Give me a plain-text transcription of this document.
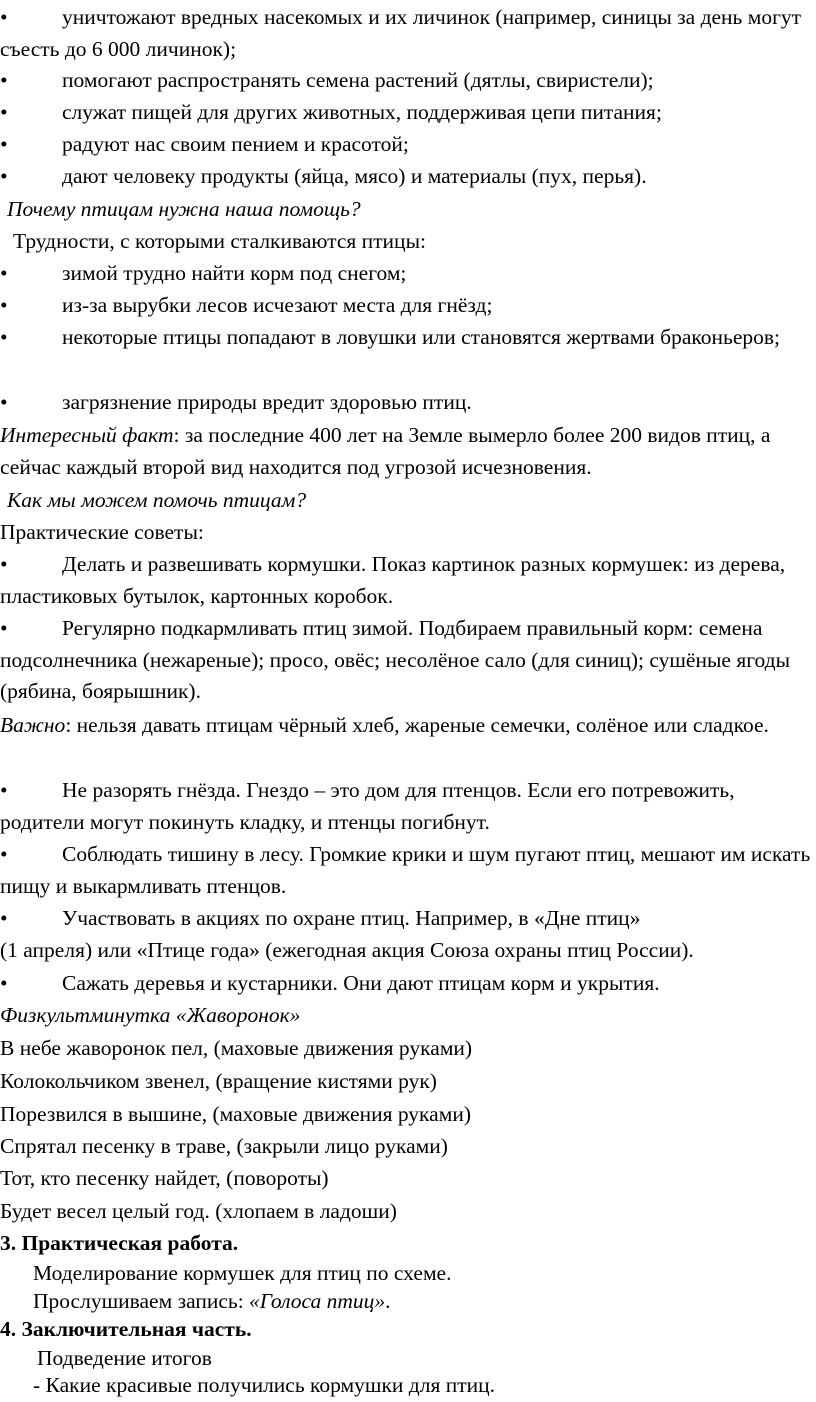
•	уничтожают вредных насекомых и их личинок (например, синицы за день могут съесть до 6 000 личинок);
•	помогают распространять семена растений (дятлы, свиристели);
•	служат пищей для других животных, поддерживая цепи питания;
•	радуют нас своим пением и красотой;
•	дают человеку продукты (яйца, мясо) и материалы (пух, перья).
Почему птицам нужна наша помощь?
Трудности, с которыми сталкиваются птицы:
•	зимой трудно найти корм под снегом;
•	из-за вырубки лесов исчезают места для гнёзд;
•	некоторые птицы попадают в ловушки или становятся жертвами браконьеров;
•	загрязнение природы вредит здоровью птиц.
Интересный факт: за последние 400 лет на Земле вымерло более 200 видов птиц, а сейчас каждый второй вид находится под угрозой исчезновения.
Как мы можем помочь птицам?
Практические советы:
•	Делать и развешивать кормушки. Показ картинок разных кормушек: из дерева, пластиковых бутылок, картонных коробок.
•	Регулярно подкармливать птиц зимой. Подбираем правильный корм: семена подсолнечника (нежареные); просо, овёс; несолёное сало (для синиц); сушёные ягоды (рябина, боярышник).
Важно: нельзя давать птицам чёрный хлеб, жареные семечки, солёное или сладкое.
•	Не разорять гнёзда. Гнездо – это дом для птенцов. Если его потревожить, родители могут покинуть кладку, и птенцы погибнут.
•	Соблюдать тишину в лесу. Громкие крики и шум пугают птиц, мешают им искать пищу и выкармливать птенцов.
•	Участвовать в акциях по охране птиц. Например, в «Дне птиц»
(1 апреля) или «Птице года» (ежегодная акция Союза охраны птиц России).
•	Сажать деревья и кустарники. Они дают птицам корм и укрытия.
Физкультминутка «Жаворонок»
В небе жаворонок пел, (маховые движения руками)
Колокольчиком звенел, (вращение кистями рук)
Порезвился в вышине, (маховые движения руками)
Спрятал песенку в траве, (закрыли лицо руками)
Тот, кто песенку найдет, (повороты)
Будет весел целый год. (хлопаем в ладоши)
3. Практическая работа.
Моделирование кормушек для птиц по схеме.
Прослушиваем запись: «Голоса птиц».
4. Заключительная часть.
Подведение итогов
- Какие красивые получились кормушки для птиц.
